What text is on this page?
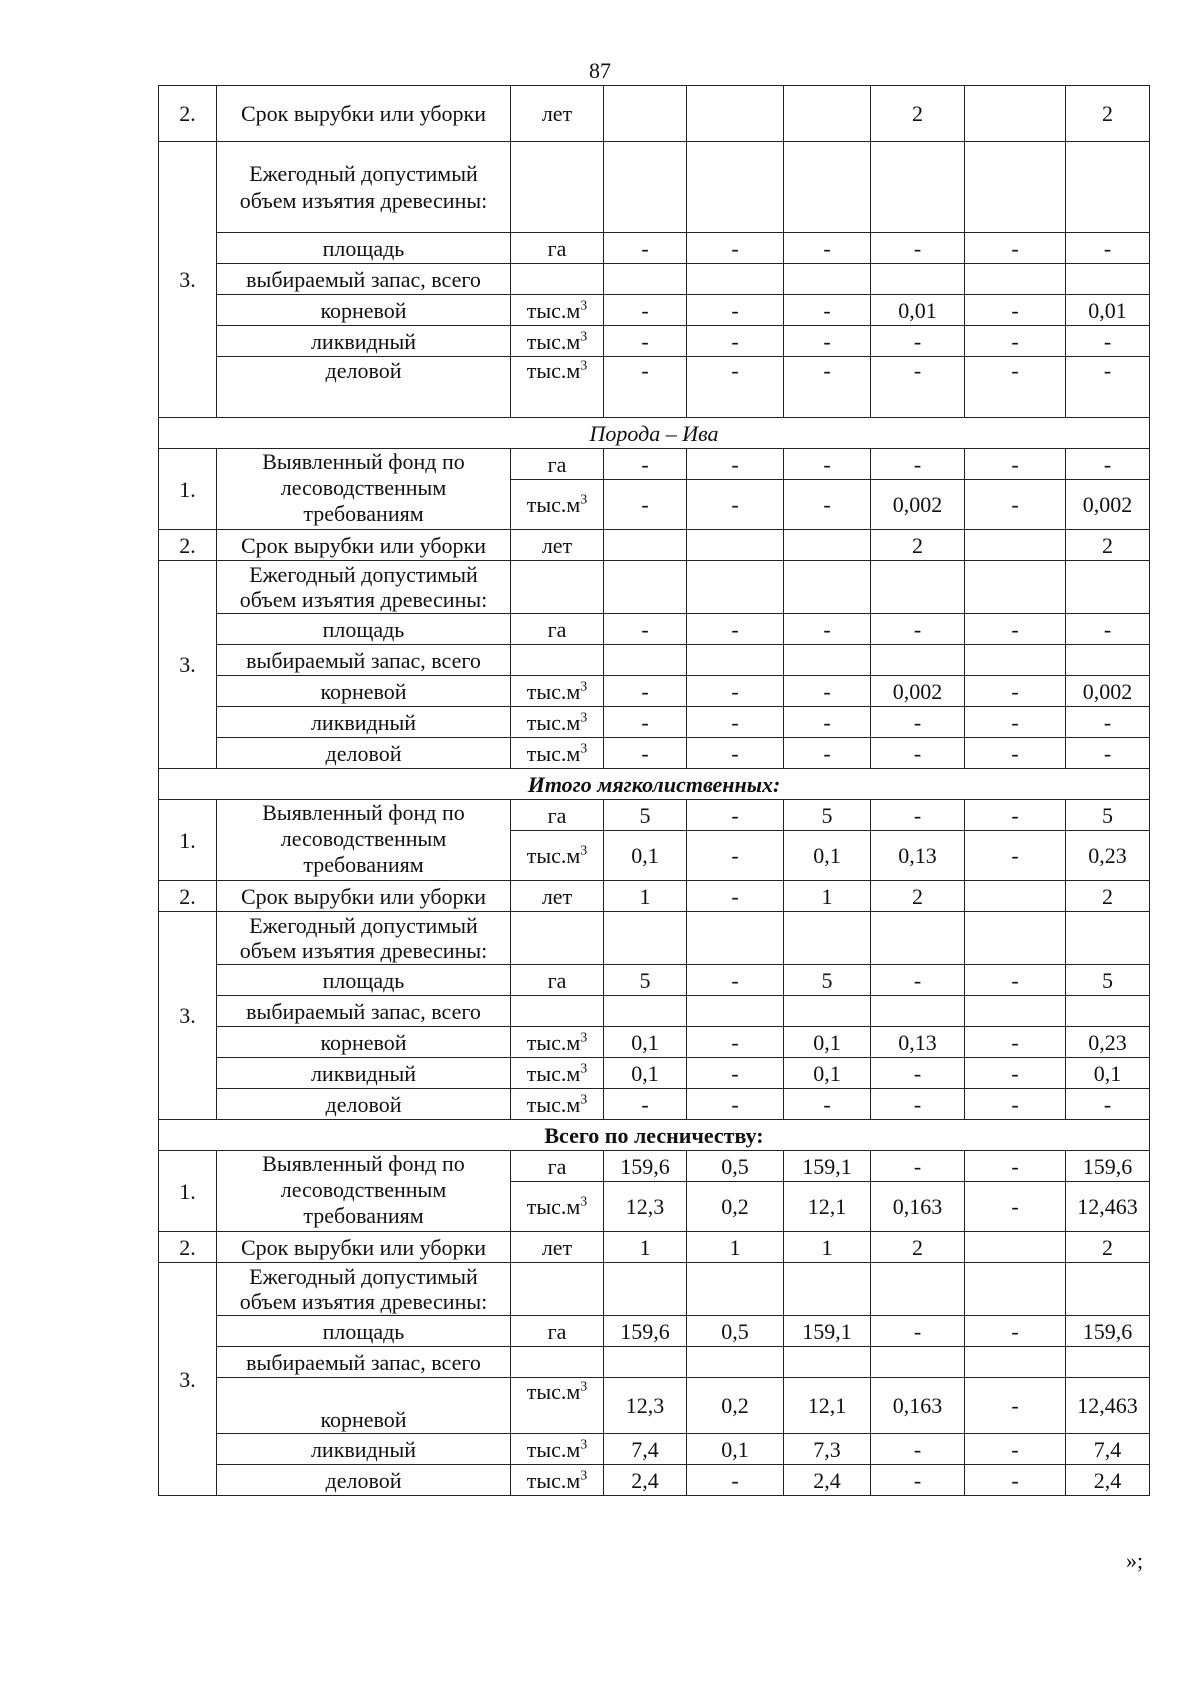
87
2.	Срок вырубки или уборки	лет				2		2
3.	Ежегодный допустимый объем изъятия древесины:							
	площадь	га	-	-	-	-	-	-
	выбираемый запас, всего							
	корневой	$тыс.м^3$	-	-	-	0,01	-	0,01
	ликвидный	$тыс.м^3$	-	-	-	-	-	-
	деловой	$тыс.м^3$	-	-	-	-	-	-
Порода – Ива								
1.	Выявленный фонд по лесоводственным требованиям	га	-	-	-	-	-	-
		$тыс.м^3$	-	-	-	0,002	-	0,002
2.	Срок вырубки или уборки	лет				2		2
3.	Ежегодный допустимый объем изъятия древесины:							
	площадь	га	-	-	-	-	-	-
	выбираемый запас, всего							
	корневой	$тыс.м^3$	-	-	-	0,002	-	0,002
	ликвидный	$тыс.м^3$	-	-	-	-	-	-
	деловой	$тыс.м^3$	-	-	-	-	-	-
Итого мягколиственных:								
1.	Выявленный фонд по лесоводственным требованиям	га	5	-	5	-	-	5
		$тыс.м^3$	0,1	-	0,1	0,13	-	0,23
2.	Срок вырубки или уборки	лет	1	-	1	2		2
3.	Ежегодный допустимый объем изъятия древесины:							
	площадь	га	5	-	5	-	-	5
	выбираемый запас, всего							
	корневой	$тыс.м^3$	0,1	-	0,1	0,13	-	0,23
	ликвидный	$тыс.м^3$	0,1	-	0,1	-	-	0,1
	деловой	$тыс.м^3$	-	-	-	-	-	-
Всего по лесничеству:								
1.	Выявленный фонд по лесоводственным требованиям	га	159,6	0,5	159,1	-	-	159,6
		$тыс.м^3$	12,3	0,2	12,1	0,163	-	12,463
2.	Срок вырубки или уборки	лет	1	1	1	2		2
3.	Ежегодный допустимый объем изъятия древесины:							
	площадь	га	159,6	0,5	159,1	-	-	159,6
	выбираемый запас, всего							
	корневой	$тыс.м^3$	12,3	0,2	12,1	0,163	-	12,463
	ликвидный	$тыс.м^3$	7,4	0,1	7,3	-	-	7,4
	деловой	$тыс.м^3$	2,4	-	2,4	-	-	2,4
»;
